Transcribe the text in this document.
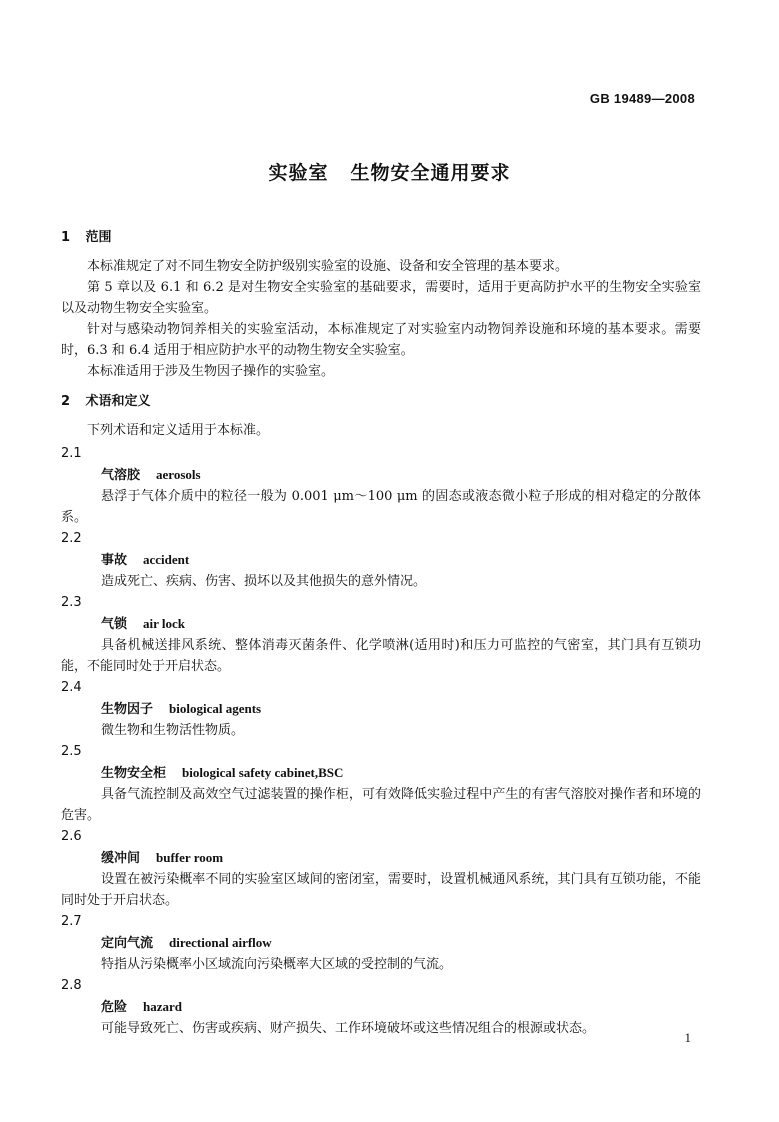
GB 19489—2008
实验室 生物安全通用要求
1 范围

本标准规定了对不同生物安全防护级别实验室的设施、设备和安全管理的基本要求。

第 5 章以及 6.1 和 6.2 是对生物安全实验室的基础要求，需要时，适用于更高防护水平的生物安全实验室以及动物生物安全实验室。

针对与感染动物饲养相关的实验室活动，本标准规定了对实验室内动物饲养设施和环境的基本要求。需要时，6.3 和 6.4 适用于相应防护水平的动物生物安全实验室。

本标准适用于涉及生物因子操作的实验室。

2 术语和定义

下列术语和定义适用于本标准。

2.1
气溶胶 aerosols

悬浮于气体介质中的粒径一般为 0.001 μm～100 μm 的固态或液态微小粒子形成的相对稳定的分散体系。

2.2
事故 accident

造成死亡、疾病、伤害、损坏以及其他损失的意外情况。

2.3
气锁 air lock

具备机械送排风系统、整体消毒灭菌条件、化学喷淋(适用时)和压力可监控的气密室，其门具有互锁功能，不能同时处于开启状态。

2.4
生物因子 biological agents

微生物和生物活性物质。

2.5
生物安全柜 biological safety cabinet,BSC

具备气流控制及高效空气过滤装置的操作柜，可有效降低实验过程中产生的有害气溶胶对操作者和环境的危害。

2.6
缓冲间 buffer room

设置在被污染概率不同的实验室区域间的密闭室，需要时，设置机械通风系统，其门具有互锁功能，不能同时处于开启状态。

2.7
定向气流 directional airflow

特指从污染概率小区域流向污染概率大区域的受控制的气流。

2.8
危险 hazard

可能导致死亡、伤害或疾病、财产损失、工作环境破坏或这些情况组合的根源或状态。

1
